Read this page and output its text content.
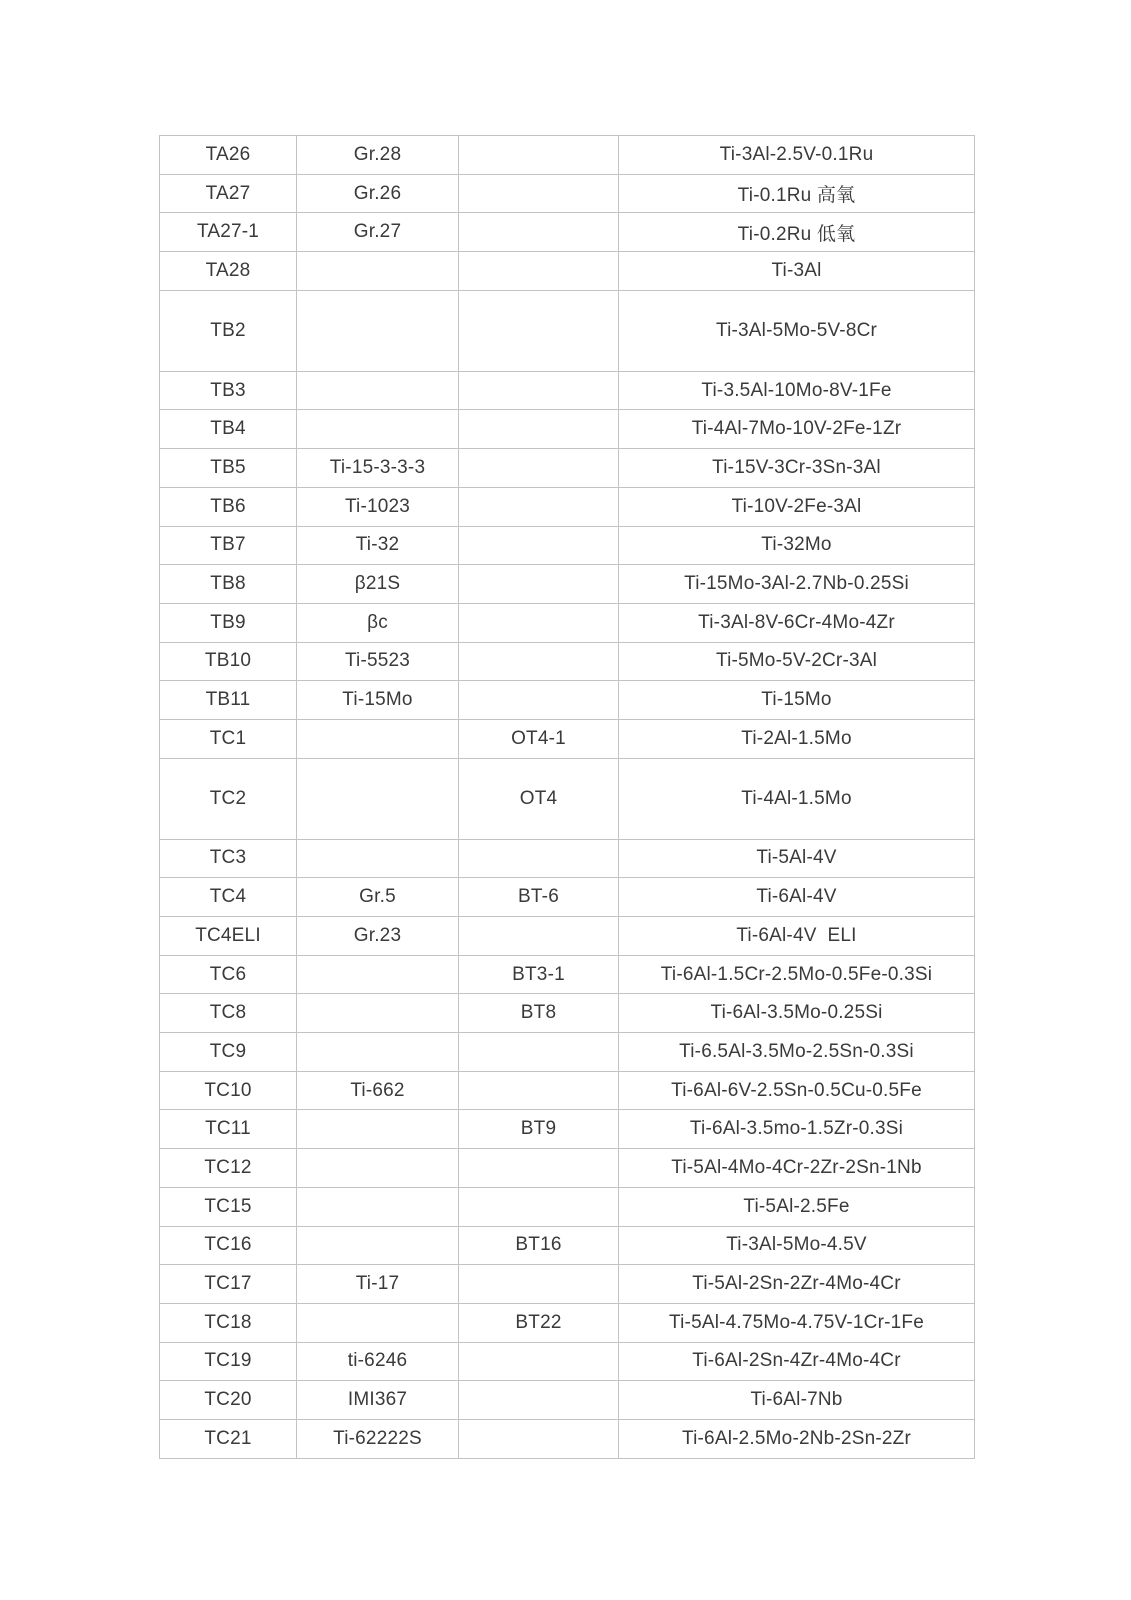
TA26	Gr.28		Ti-3Al-2.5V-0.1Ru
TA27	Gr.26		Ti-0.1Ru 高氧
TA27-1	Gr.27		Ti-0.2Ru 低氧
TA28			Ti-3Al
TB2			Ti-3Al-5Mo-5V-8Cr
TB3			Ti-3.5Al-10Mo-8V-1Fe
TB4			Ti-4Al-7Mo-10V-2Fe-1Zr
TB5	Ti-15-3-3-3		Ti-15V-3Cr-3Sn-3Al
TB6	Ti-1023		Ti-10V-2Fe-3Al
TB7	Ti-32		Ti-32Mo
TB8	β21S		Ti-15Mo-3Al-2.7Nb-0.25Si
TB9	βc		Ti-3Al-8V-6Cr-4Mo-4Zr
TB10	Ti-5523		Ti-5Mo-5V-2Cr-3Al
TB11	Ti-15Mo		Ti-15Mo
TC1		OT4-1	Ti-2Al-1.5Mo
TC2		OT4	Ti-4Al-1.5Mo
TC3			Ti-5Al-4V
TC4	Gr.5	BT-6	Ti-6Al-4V
TC4ELI	Gr.23		Ti-6Al-4V  ELI
TC6		BT3-1	Ti-6Al-1.5Cr-2.5Mo-0.5Fe-0.3Si
TC8		BT8	Ti-6Al-3.5Mo-0.25Si
TC9			Ti-6.5Al-3.5Mo-2.5Sn-0.3Si
TC10	Ti-662		Ti-6Al-6V-2.5Sn-0.5Cu-0.5Fe
TC11		BT9	Ti-6Al-3.5mo-1.5Zr-0.3Si
TC12			Ti-5Al-4Mo-4Cr-2Zr-2Sn-1Nb
TC15			Ti-5Al-2.5Fe
TC16		BT16	Ti-3Al-5Mo-4.5V
TC17	Ti-17		Ti-5Al-2Sn-2Zr-4Mo-4Cr
TC18		BT22	Ti-5Al-4.75Mo-4.75V-1Cr-1Fe
TC19	ti-6246		Ti-6Al-2Sn-4Zr-4Mo-4Cr
TC20	IMI367		Ti-6Al-7Nb
TC21	Ti-62222S		Ti-6Al-2.5Mo-2Nb-2Sn-2Zr
